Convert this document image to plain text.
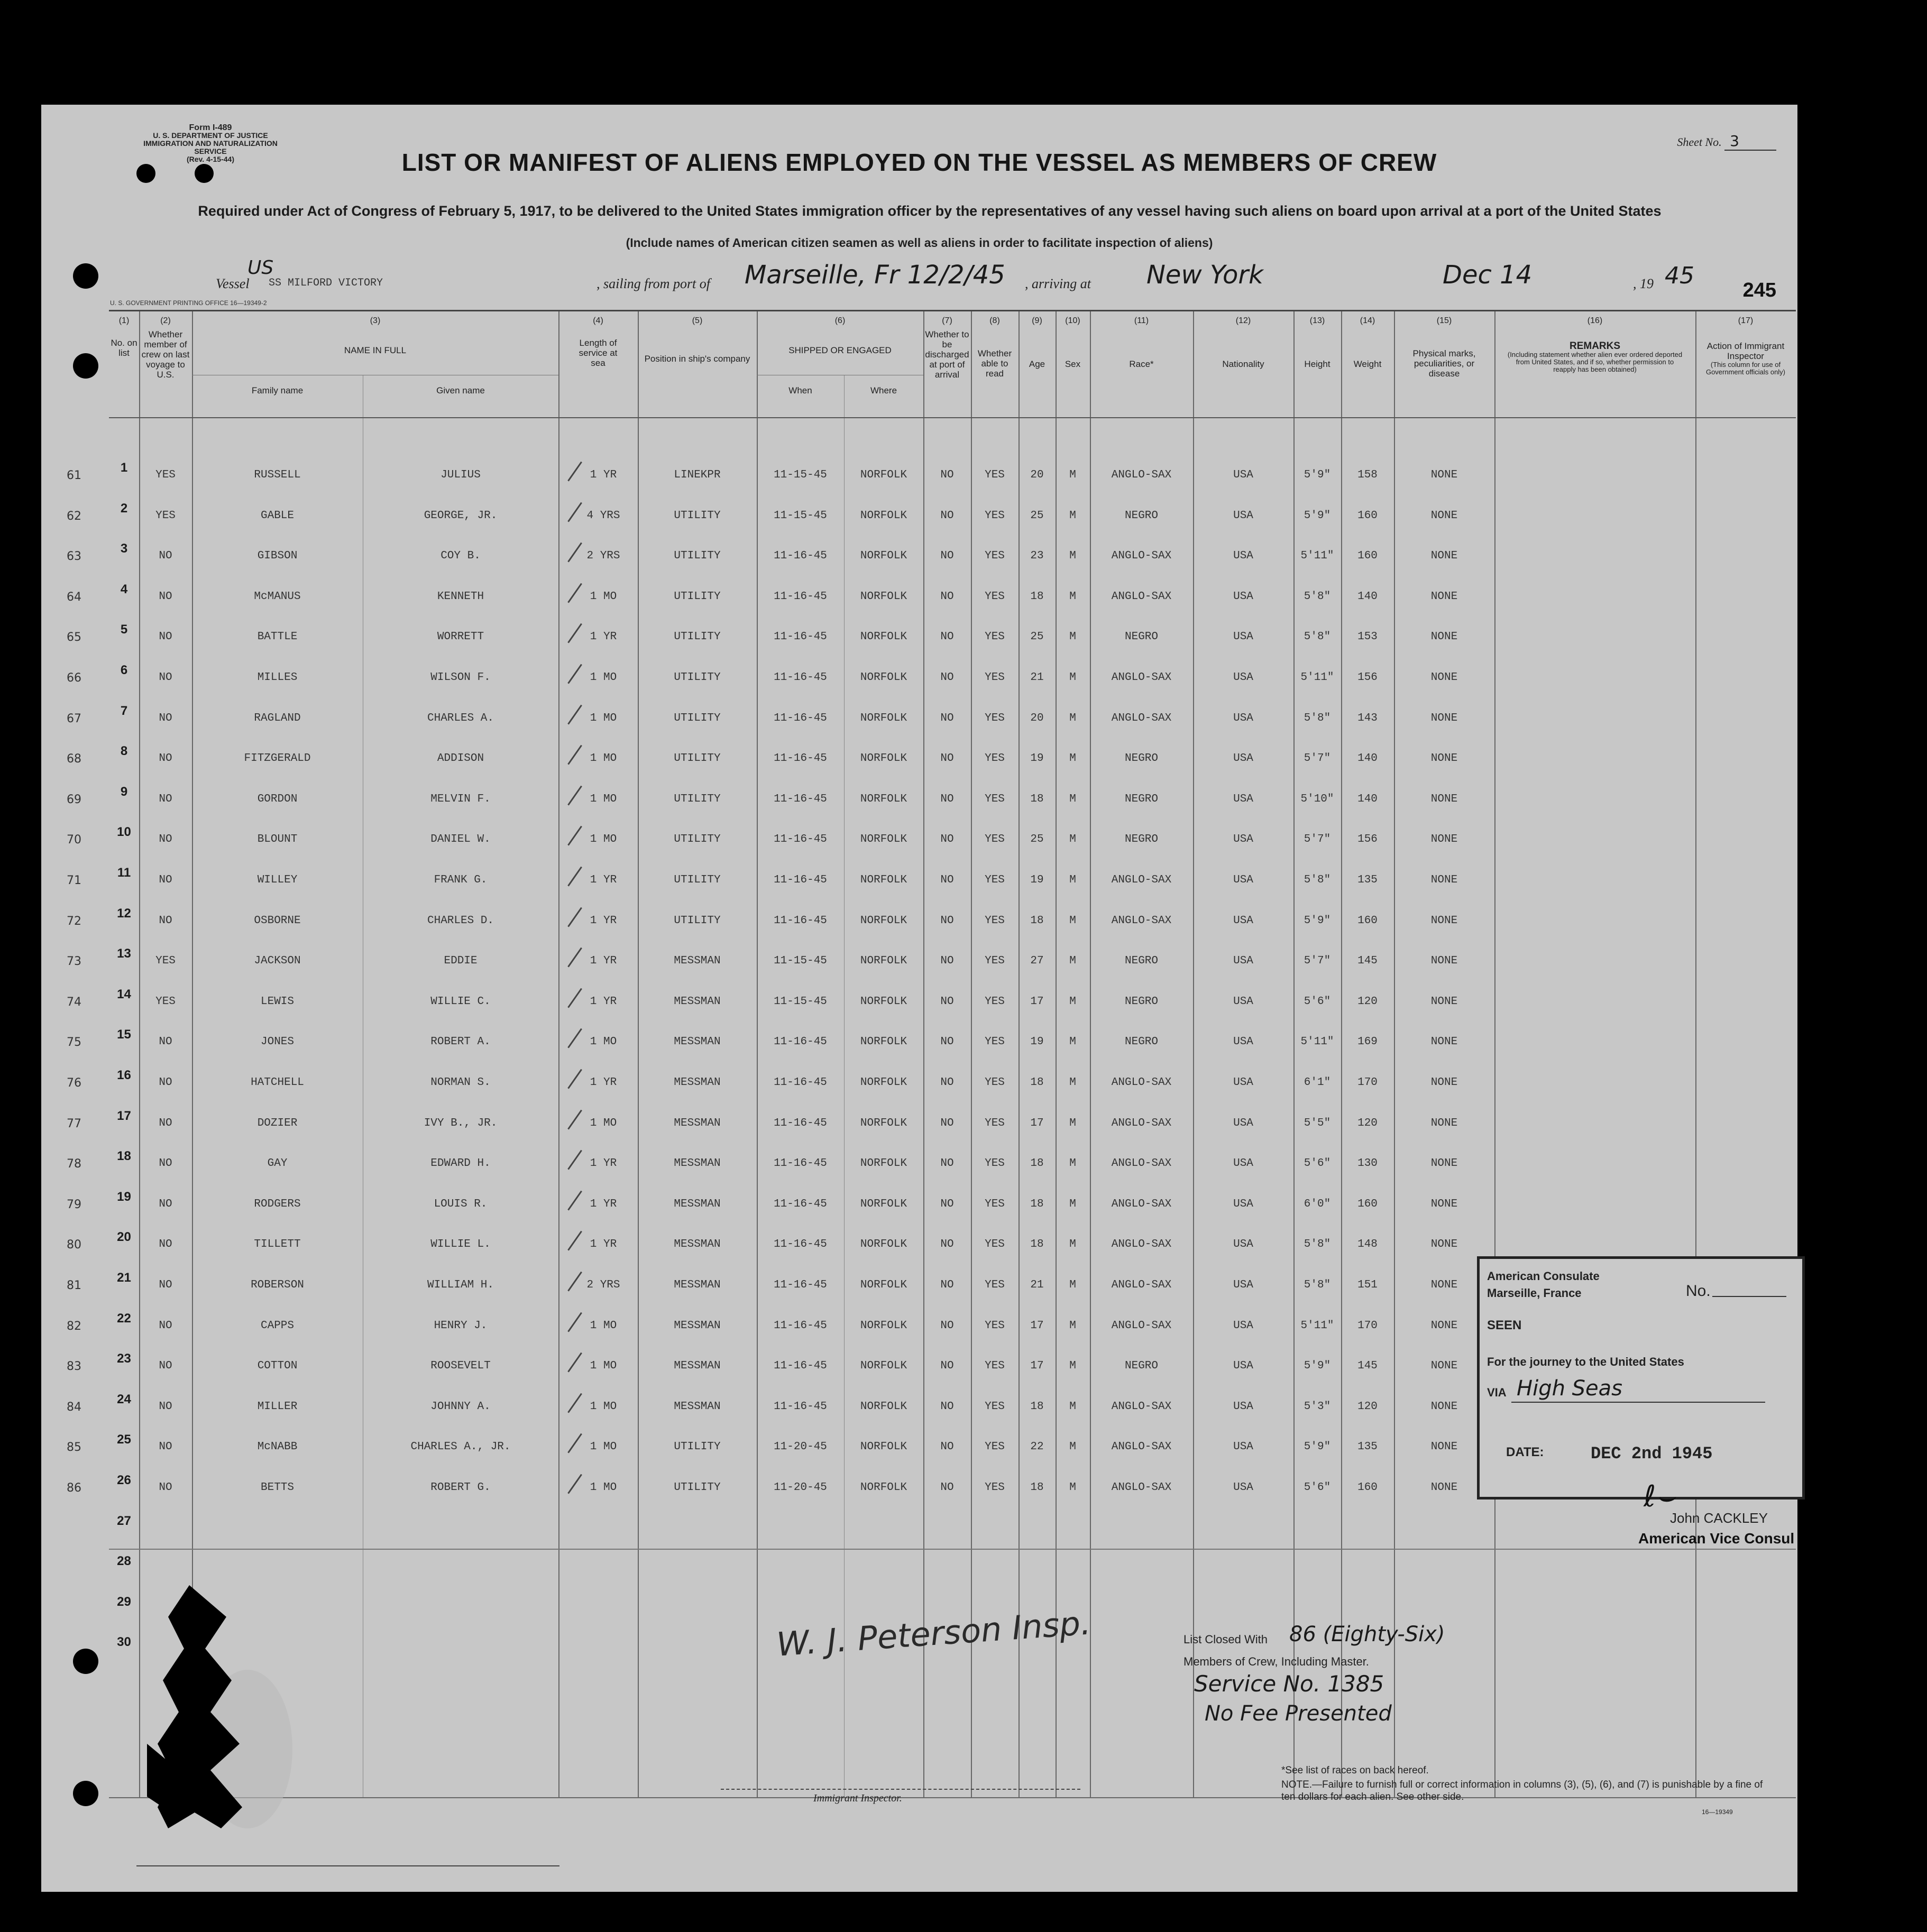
Form I-489
U. S. DEPARTMENT OF JUSTICE
IMMIGRATION AND NATURALIZATION SERVICE
(Rev. 4-15-44)	LIST OR MANIFEST OF ALIENS EMPLOYED ON THE VESSEL AS MEMBERS OF CREW
Sheet No. 3
Required under Act of Congress of February 5, 1917, to be delivered to the United States immigration officer by the representatives of any vessel having such aliens on board upon arrival at a port of the United States
(Include names of American citizen seamen as well as aliens in order to facilitate inspection of aliens)
Vessel
US
SS MILFORD VICTORY	, sailing from port of Marseille, Fr 12/2/45 , arriving at New York	Dec 14	, 19 45
245
U. S. GOVERNMENT PRINTING OFFICE 16—19349-2
(1)	(2)	(3)	(4)	(5)	(6)	(7)	(8)	(9)	(10)	(11)	(12)	(13)	(14)	(15)	(16)	(17)
No. on list
Whether member of crew on last voyage to U.S.
NAME IN FULL
Family name	Given name
Length of service at sea	Position in ship's company
SHIPPED OR ENGAGED
When	Where
Whether to be discharged at port of arrival
Whether able to read
Age	Sex	Race*	Nationality	Height	Weight
Physical marks, peculiarities, or disease
REMARKS
(Including statement whether alien ever ordered deported from United States, and if so, whether permission to reapply has been obtained)
Action of Immigrant Inspector
(This column for use of Government officials only)
61
1
YES	RUSSELL	JULIUS	1 YR	LINEKPR	11-15-45	NORFOLK	NO	YES	20	M	ANGLO-SAX	USA	5'9"	158	NONE
62
2
YES	GABLE	GEORGE, JR.	4 YRS	UTILITY	11-15-45	NORFOLK	NO	YES	25	M	NEGRO	USA	5'9"	160	NONE
63
3
NO	GIBSON	COY B.	2 YRS	UTILITY	11-16-45	NORFOLK	NO	YES	23	M	ANGLO-SAX	USA	5'11"	160	NONE
64
4
NO	McMANUS	KENNETH	1 MO	UTILITY	11-16-45	NORFOLK	NO	YES	18	M	ANGLO-SAX	USA	5'8"	140	NONE
65
5
NO	BATTLE	WORRETT	1 YR	UTILITY	11-16-45	NORFOLK	NO	YES	25	M	NEGRO	USA	5'8"	153	NONE
66
6
NO	MILLES	WILSON F.	1 MO	UTILITY	11-16-45	NORFOLK	NO	YES	21	M	ANGLO-SAX	USA	5'11"	156	NONE
67
7
NO	RAGLAND	CHARLES A.	1 MO	UTILITY	11-16-45	NORFOLK	NO	YES	20	M	ANGLO-SAX	USA	5'8"	143	NONE
68
8
NO	FITZGERALD	ADDISON	1 MO	UTILITY	11-16-45	NORFOLK	NO	YES	19	M	NEGRO	USA	5'7"	140	NONE
69
9
NO	GORDON	MELVIN F.	1 MO	UTILITY	11-16-45	NORFOLK	NO	YES	18	M	NEGRO	USA	5'10"	140	NONE
70
10
NO	BLOUNT	DANIEL W.	1 MO	UTILITY	11-16-45	NORFOLK	NO	YES	25	M	NEGRO	USA	5'7"	156	NONE
71
11
NO	WILLEY	FRANK G.	1 YR	UTILITY	11-16-45	NORFOLK	NO	YES	19	M	ANGLO-SAX	USA	5'8"	135	NONE
72
12
NO	OSBORNE	CHARLES D.	1 YR	UTILITY	11-16-45	NORFOLK	NO	YES	18	M	ANGLO-SAX	USA	5'9"	160	NONE
73
13
YES	JACKSON	EDDIE	1 YR	MESSMAN	11-15-45	NORFOLK	NO	YES	27	M	NEGRO	USA	5'7"	145	NONE
74
14
YES	LEWIS	WILLIE C.	1 YR	MESSMAN	11-15-45	NORFOLK	NO	YES	17	M	NEGRO	USA	5'6"	120	NONE
75
15
NO	JONES	ROBERT A.	1 MO	MESSMAN	11-16-45	NORFOLK	NO	YES	19	M	NEGRO	USA	5'11"	169	NONE
76
16
NO	HATCHELL	NORMAN S.	1 YR	MESSMAN	11-16-45	NORFOLK	NO	YES	18	M	ANGLO-SAX	USA	6'1"	170	NONE
77
17
NO	DOZIER	IVY B., JR.	1 MO	MESSMAN	11-16-45	NORFOLK	NO	YES	17	M	ANGLO-SAX	USA	5'5"	120	NONE
78
18
NO	GAY	EDWARD H.	1 YR	MESSMAN	11-16-45	NORFOLK	NO	YES	18	M	ANGLO-SAX	USA	5'6"	130	NONE
79
19
NO	RODGERS	LOUIS R.	1 YR	MESSMAN	11-16-45	NORFOLK	NO	YES	18	M	ANGLO-SAX	USA	6'0"	160	NONE
80
20
NO	TILLETT	WILLIE L.	1 YR	MESSMAN	11-16-45	NORFOLK	NO	YES	18	M	ANGLO-SAX	USA	5'8"	148	NONE
81
21
NO	ROBERSON	WILLIAM H.	2 YRS	MESSMAN	11-16-45	NORFOLK	NO	YES	21	M	ANGLO-SAX	USA	5'8"	151	NONE
82
22
NO	CAPPS	HENRY J.	1 MO	MESSMAN	11-16-45	NORFOLK	NO	YES	17	M	ANGLO-SAX	USA	5'11"	170	NONE
83
23
NO	COTTON	ROOSEVELT	1 MO	MESSMAN	11-16-45	NORFOLK	NO	YES	17	M	NEGRO	USA	5'9"	145	NONE
84
24
NO	MILLER	JOHNNY A.	1 MO	MESSMAN	11-16-45	NORFOLK	NO	YES	18	M	ANGLO-SAX	USA	5'3"	120	NONE
85
25
NO	McNABB	CHARLES A., JR.	1 MO	UTILITY	11-20-45	NORFOLK	NO	YES	22	M	ANGLO-SAX	USA	5'9"	135	NONE
86
26
NO	BETTS	ROBERT G.	1 MO	UTILITY	11-20-45	NORFOLK	NO	YES	18	M	ANGLO-SAX	USA	5'6"	160	NONE
27
28
29
30	W. J. Peterson Insp.	List Closed With 86 (Eighty-Six)
Members of Crew, Including Master.
Service No. 1385
No Fee Presented
American Consulate
Marseille, France	No.
SEEN
For the journey to the United States
VIA High Seas
DATE:	DEC 2nd 1945
ℓ⌣
John CACKLEY
American Vice Consul
Immigrant Inspector.
*See list of races on back hereof.
NOTE.—Failure to furnish full or correct information in columns (3), (5), (6), and (7) is punishable by a fine of ten dollars for each alien. See other side.
16—19349
